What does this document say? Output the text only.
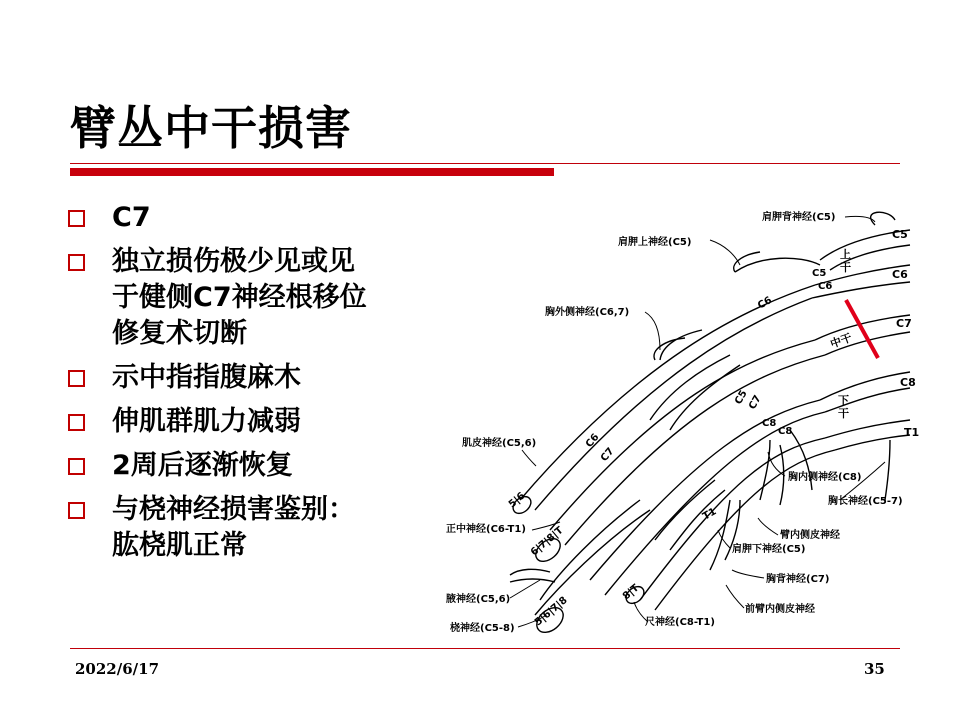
臂丛中干损害
C7
独立损伤极少见或见
于健侧C7神经根移位
修复术切断
示中指指腹麻木
伸肌群肌力减弱
2周后逐渐恢复
与桡神经损害鉴别：
肱桡肌正常
C5
C6
C7
C8
T1
上干
中干
下干
C5
C6
C6
C5
C7
C8
C8
C6
C7
T1
5|6
6|7|8|T
5|6|7|8
8|T
肩胛背神经(C5)
肩胛上神经(C5)
胸外侧神经(C6,7)
肌皮神经(C5,6)
正中神经(C6-T1)
腋神经(C5,6)
桡神经(C5-8)
尺神经(C8-T1)
胸内侧神经(C8)
胸长神经(C5-7)
臂内侧皮神经
肩胛下神经(C5)
胸背神经(C7)
前臂内侧皮神经
2022/6/17	35
